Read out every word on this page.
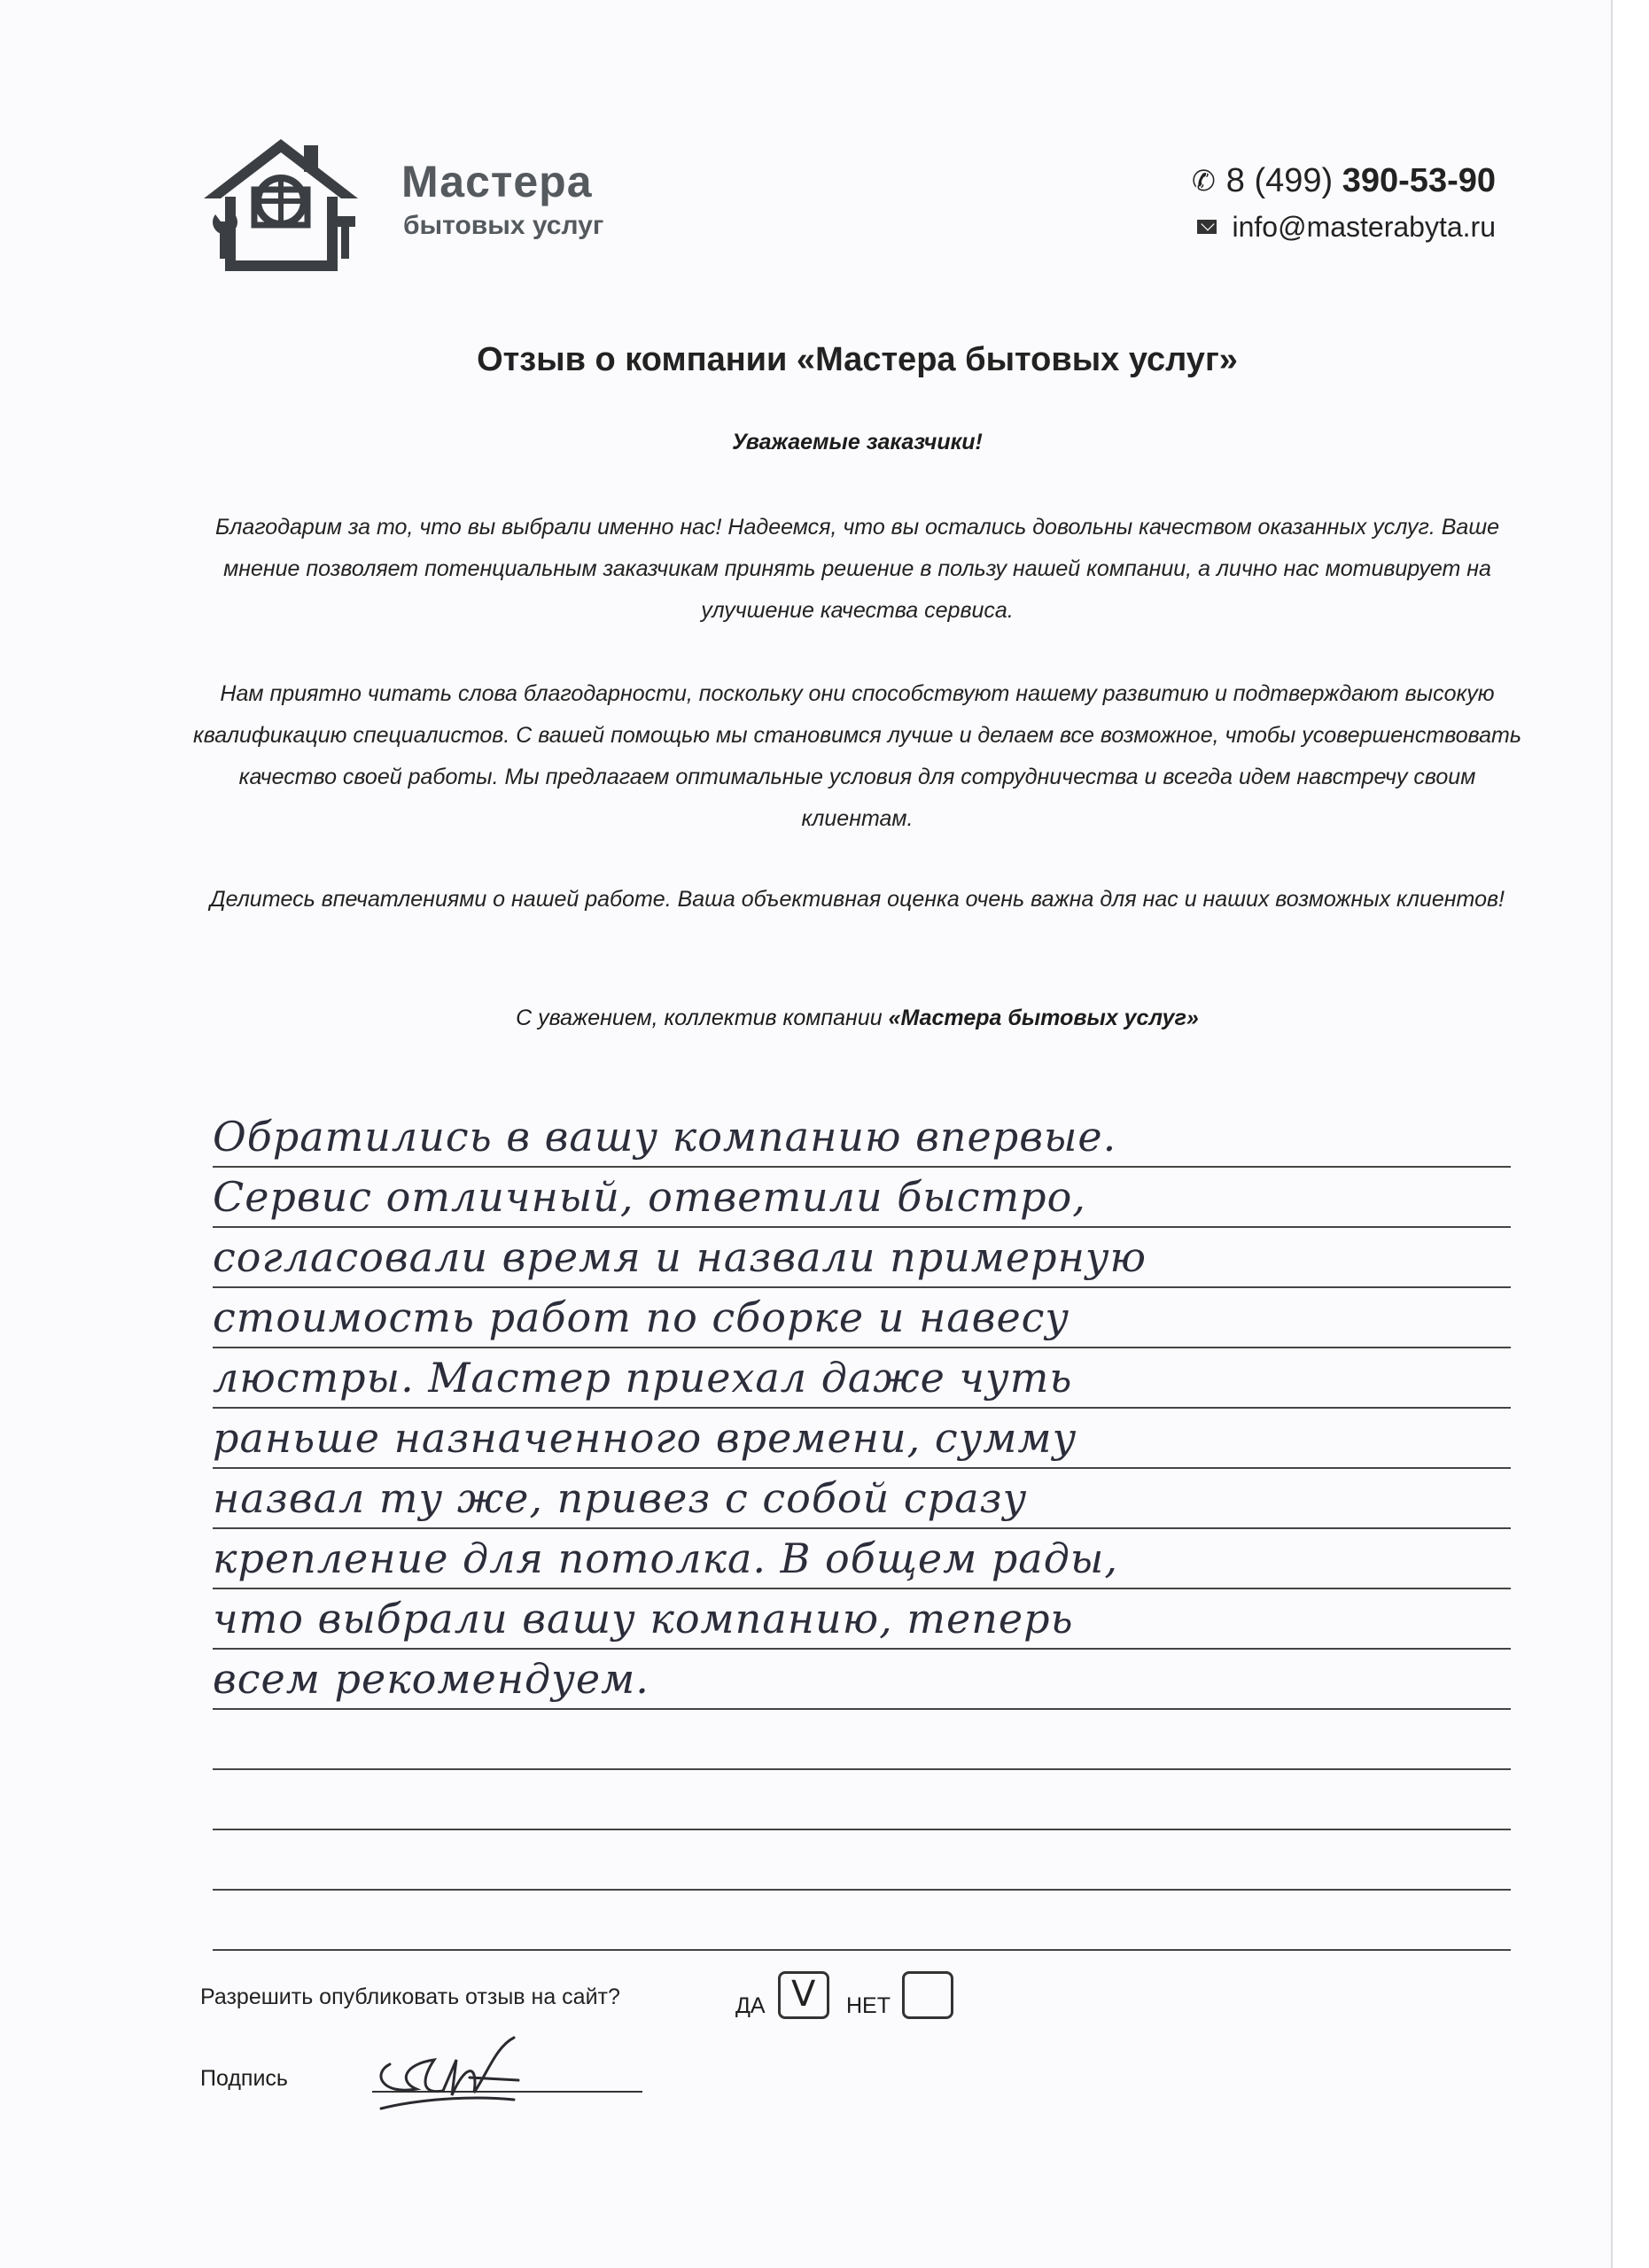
Мастера
бытовых услуг
✆ 8 (499)
390-53-90
info@masterabyta.ru
Отзыв о компании «Мастера бытовых услуг»
Уважаемые заказчики!
Благодарим за то, что вы выбрали именно нас! Надеемся, что вы остались довольны качеством оказанных услуг. Ваше мнение позволяет потенциальным заказчикам принять решение в пользу нашей компании, а лично нас мотивирует на улучшение качества сервиса.
Нам приятно читать слова благодарности, поскольку они способствуют нашему развитию и подтверждают высокую квалификацию специалистов. С вашей помощью мы становимся лучше и делаем все возможное, чтобы усовершенствовать качество своей работы. Мы предлагаем оптимальные условия для сотрудничества и всегда идем навстречу своим клиентам.
Делитесь впечатлениями о нашей работе. Ваша объективная оценка очень важна для нас и наших возможных клиентов!
С уважением, коллектив компании «Мастера бытовых услуг»
Обратились в вашу компанию впервые.
Сервис отличный, ответили быстро,
согласовали время и назвали примерную
стоимость работ по сборке и навесу
люстры. Мастер приехал даже чуть
раньше назначенного времени, сумму
назвал ту же, привез с собой сразу
крепление для потолка. В общем рады,
что выбрали вашу компанию, теперь
всем рекомендуем.
Разрешить опубликовать отзыв на сайт?	ДА V НЕТ
Подпись
